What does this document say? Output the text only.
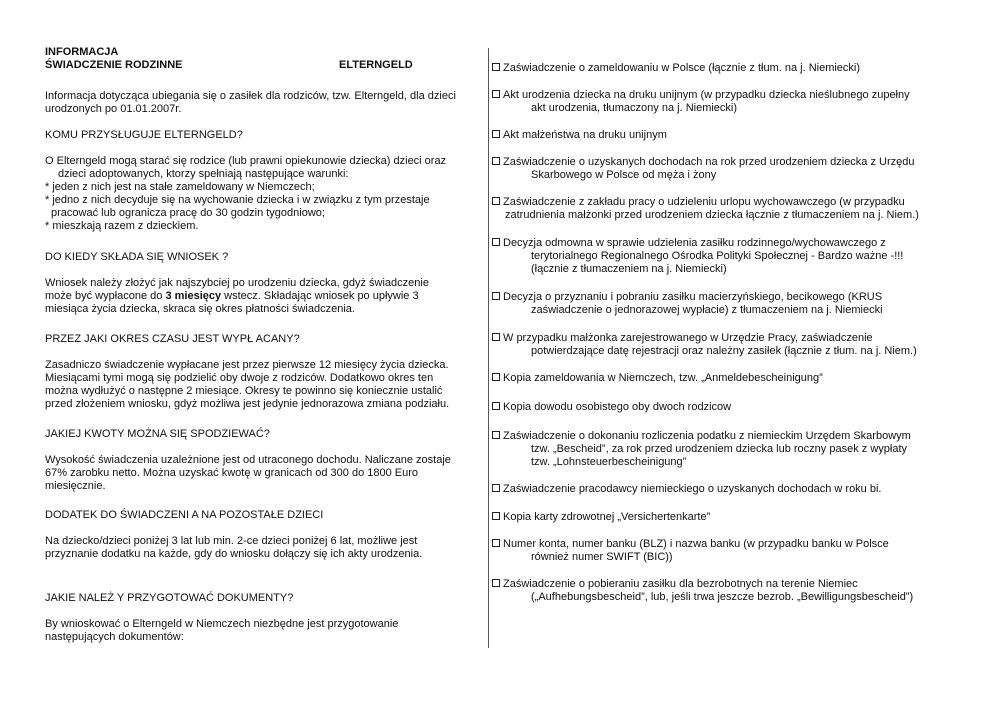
INFORMACJA

ŚWIADCZENIE RODZINNE	ELTERNGELD

Informacja dotycząca ubiegania się o zasiłek dla rodziców, tzw. Elterngeld, dla dzieci

urodzonych po 01.01.2007r.

KOMU PRZYSŁUGUJE ELTERNGELD?

O Elterngeld mogą starać się rodzice (lub prawni opiekunowie dziecka) dzieci oraz

dzieci adoptowanych, ktorzy spełniają następujące warunki:

* jeden z nich jest na stałe zameldowany w Niemczech;

* jedno z nich decyduje się na wychowanie dziecka i w związku z tym przestaje

pracować lub ogranicza pracę do 30 godzin tygodniowo;

* mieszkają razem z dzieckiem.

DO KIEDY SKŁADA SIĘ WNIOSEK ?

Wniosek należy złożyć jak najszybciej po urodzeniu dziecka, gdyż świadczenie

może być wypłacone do 3 miesięcy wstecz. Składając wniosek po upływie 3

miesiąca życia dziecka, skraca się okres płatności świadczenia.

PRZEZ JAKI OKRES CZASU JEST WYPŁ ACANY?

Zasadniczo świadczenie wypłacane jest przez pierwsze 12 miesięcy życia dziecka.

Miesiącami tymi mogą się podzielić oby dwoje z rodziców. Dodatkowo okres ten

można wydłużyć o następne 2 miesiące. Okresy te powinno się koniecznie ustalić

przed złożeniem wniosku, gdyż możliwa jest jedynie jednorazowa zmiana podziału.

JAKIEJ KWOTY MOŻNA SIĘ SPODZIEWAĆ?

Wysokość świadczenia uzależnione jest od utraconego dochodu. Naliczane zostaje

67% zarobku netto. Można uzyskać kwotę w granicach od 300 do 1800 Euro

miesięcznie.

DODATEK DO ŚWIADCZENI A NA POZOSTAŁE DZIECI

Na dziecko/dzieci poniżej 3 lat lub min. 2-ce dzieci poniżej 6 lat, możliwe jest

przyznanie dodatku na każde, gdy do wniosku dołączy się ich akty urodzenia.

JAKIE NALEŻ Y PRZYGOTOWAĆ DOKUMENTY?

By wnioskować o Elterngeld w Niemczech niezbędne jest przygotowanie

następujących dokumentów:

Zaświadczenie o zameldowaniu w Polsce (łącznie z tłum. na j. Niemiecki)

Akt urodzenia dziecka na druku unijnym (w przypadku dziecka nieślubnego zupełny

akt urodzenia, tłumaczony na j. Niemiecki)

Akt małżeństwa na druku unijnym

Zaświadczenie o uzyskanych dochodach na rok przed urodzeniem dziecka z Urzędu

Skarbowego w Polsce od męża i żony

Zaświadczenie z zakładu pracy o udzieleniu urlopu wychowawczego (w przypadku

zatrudnienia małżonki przed urodzeniem dziecka łącznie z tłumaczeniem na j. Niem.)

Decyzja odmowna w sprawie udzielenia zasiłku rodzinnego/wychowawczego z

terytorialnego Regionalnego Ośrodka Polityki Społecznej - Bardzo ważne -!!!

(łącznie z tłumaczeniem na j. Niemiecki)

Decyzja o przyznaniu i pobraniu zasiłku macierzyńskiego, becikowego (KRUS

zaświadczenie o jednorazowej wypłacie) z tłumaczeniem na j. Niemiecki

W przypadku małżonka zarejestrowanego w Urzędzie Pracy, zaświadczenie

potwierdzające datę rejestracji oraz należny zasiłek (łącznie z tłum. na j. Niem.)

Kopia zameldowania w Niemczech, tzw. „Anmeldebescheinigung”

Kopia dowodu osobistego oby dwoch rodzicow

Zaświadczenie o dokonaniu rozliczenia podatku z niemieckim Urzędem Skarbowym

tzw. „Bescheid”, za rok przed urodzeniem dziecka lub roczny pasek z wypłaty

tzw. „Lohnsteuerbescheinigung”

Zaświadczenie pracodawcy niemieckiego o uzyskanych dochodach w roku bi.

Kopia karty zdrowotnej „Versichertenkarte”

Numer konta, numer banku (BLZ) i nazwa banku (w przypadku banku w Polsce

również numer SWIFT (BIC))

Zaświadczenie o pobieraniu zasiłku dla bezrobotnych na terenie Niemiec

(„Aufhebungsbescheid”, lub, jeśli trwa jeszcze bezrob. „Bewilligungsbescheid”)
